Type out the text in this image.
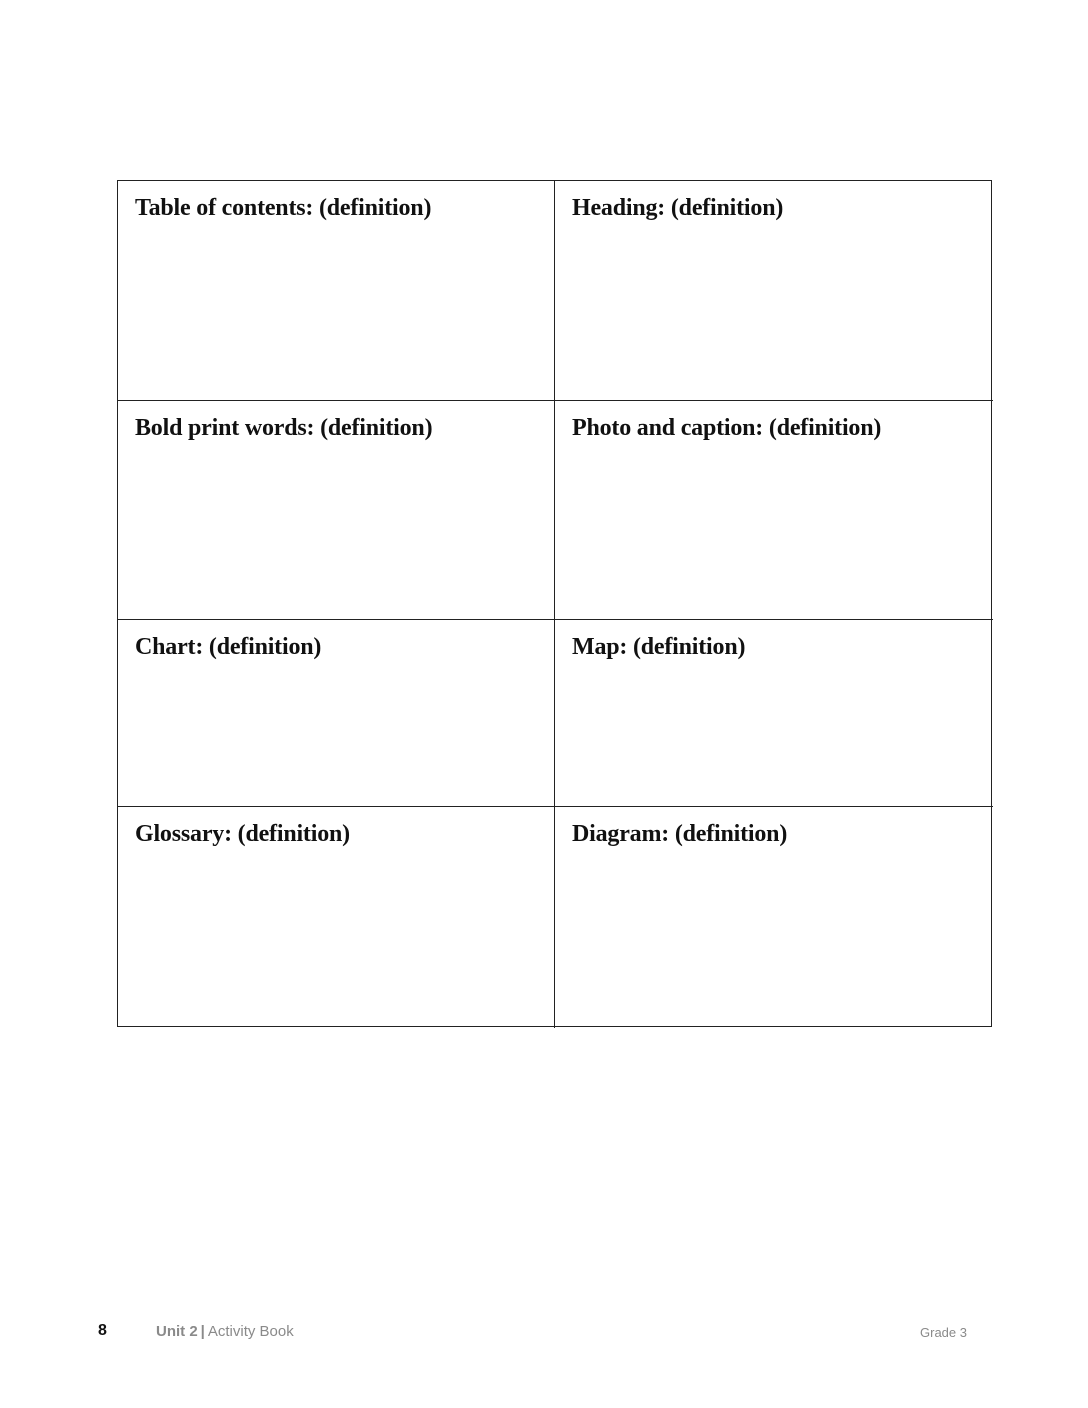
Table of contents: (definition)	Heading: (definition)
Bold print words: (definition)	Photo and caption: (definition)
Chart: (definition)	Map: (definition)
Glossary: (definition)	Diagram: (definition)
8	Unit 2 | Activity Book	Grade 3
